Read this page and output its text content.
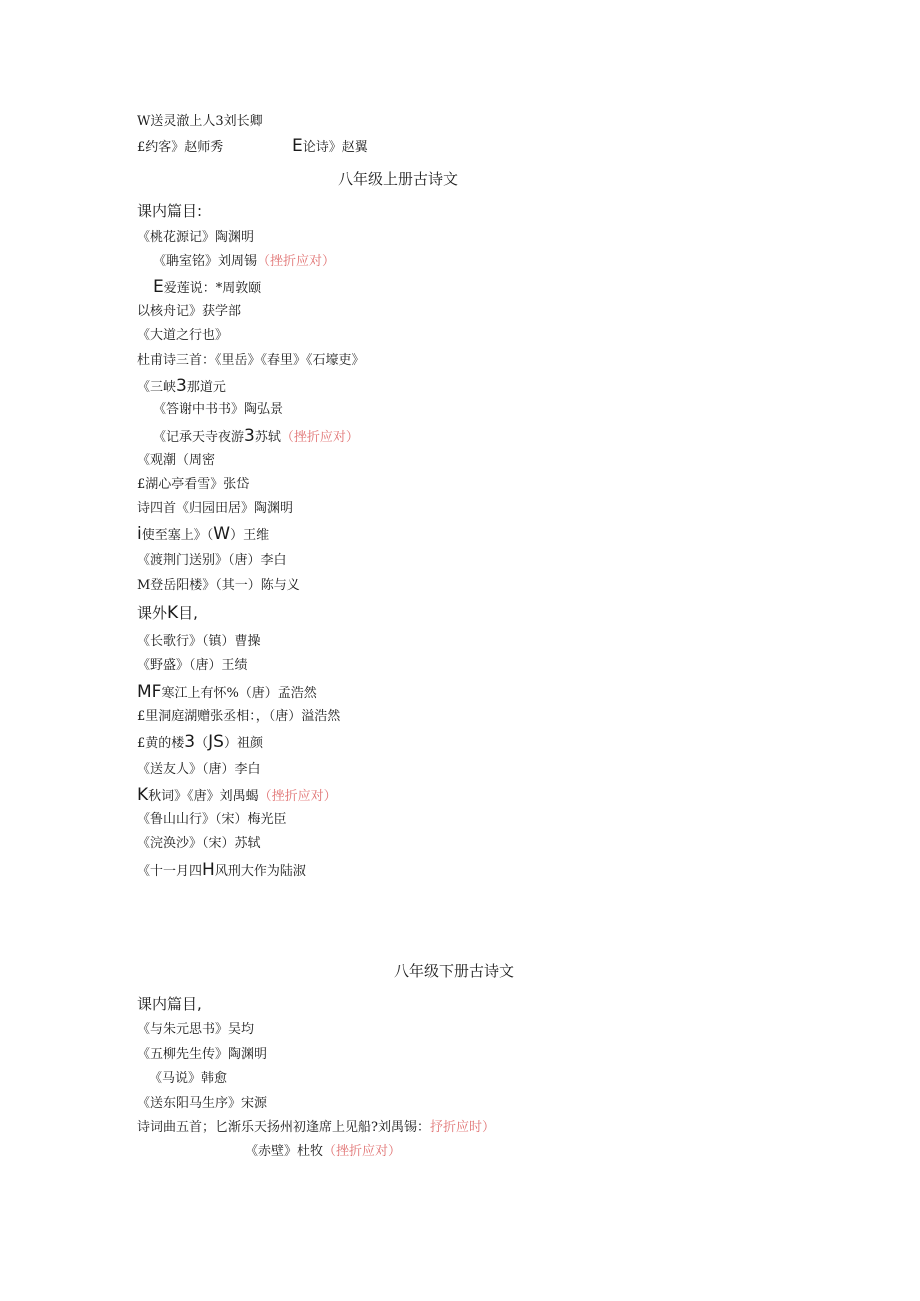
W送灵澈上人3刘长卿
£约客》赵师秀	E论诗》赵翼
八年级上册古诗文
课内篇目:
《桃花源记》陶渊明
《聃室铭》刘周锡（挫折应对）
E爱莲说：*周敦颐
以核舟记》获学部
《大道之行也》
杜甫诗三首：《里岳》《春里》《石壕吏》
《三峡3那道元
《答谢中书书》陶弘景
《记承天寺夜游3苏轼（挫折应对）
《观潮（周密
£湖心亭看雪》张岱
诗四首《归园田居》陶渊明
i使至塞上》（W）王维
《渡荆门送别》（唐）李白
M登岳阳楼》（其一）陈与义
课外K目,
《长歌行》（镇）曹操
《野盛》（唐）王绩
MF寒江上有怀%（唐）孟浩然
£里洞庭湖赠张丞相：，（唐）溢浩然
£黄的楼3（JS）祖颜
《送友人》（唐）李白
K秋词》《唐》刘禺蝎（挫折应对）
《鲁山山行》（宋）梅光臣
《浣涣沙》（宋）苏轼
《十一月四H风刑大作为陆淑
八年级下册古诗文
课内篇目,
《与朱元思书》吴均
《五柳先生传》陶渊明
《马说》韩愈
《送东阳马生序》宋源
诗词曲五首；匕渐乐天扬州初逢席上见船?刘禺锡：抒折应时）
《赤壁》杜牧（挫折应对）
